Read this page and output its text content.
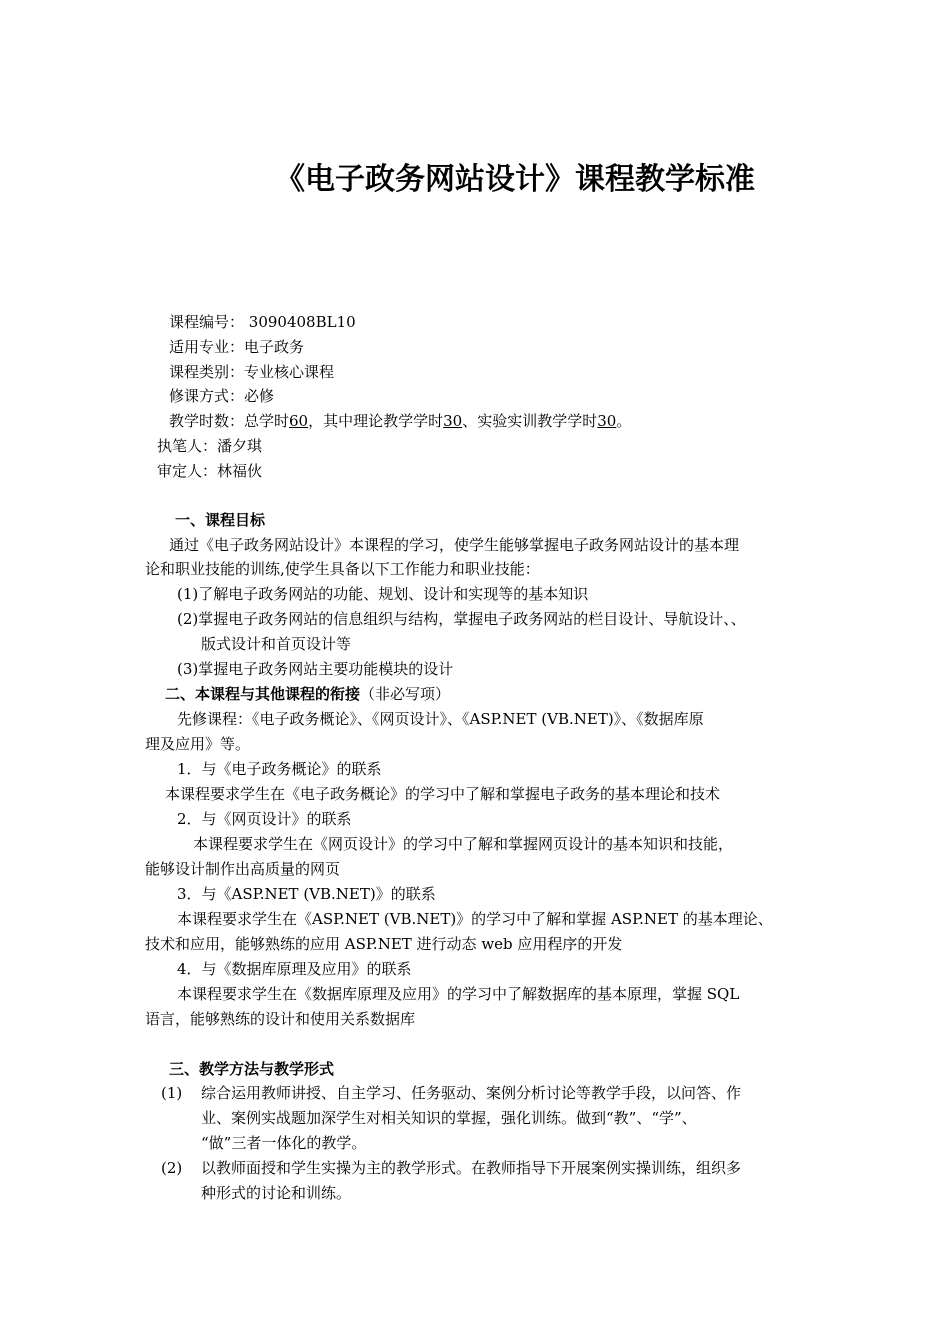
《电子政务网站设计》课程教学标准
课程编号： 3090408BL10
适用专业：电子政务
课程类别：专业核心课程
修课方式：必修
教学时数：总学时60，其中理论教学学时30、实验实训教学学时30。
执笔人：潘夕琪
审定人：林福伙
一、课程目标
通过《电子政务网站设计》本课程的学习，使学生能够掌握电子政务网站设计的基本理
论和职业技能的训练,使学生具备以下工作能力和职业技能：
(1)了解电子政务网站的功能、规划、设计和实现等的基本知识
(2)掌握电子政务网站的信息组织与结构，掌握电子政务网站的栏目设计、导航设计、、
版式设计和首页设计等
(3)掌握电子政务网站主要功能模块的设计
二、本课程与其他课程的衔接（非必写项）
先修课程：《电子政务概论》、《网页设计》、《ASP.NET (VB.NET)》、《数据库原
理及应用》等。
1．与《电子政务概论》的联系
本课程要求学生在《电子政务概论》的学习中了解和掌握电子政务的基本理论和技术
2．与《网页设计》的联系
本课程要求学生在《网页设计》的学习中了解和掌握网页设计的基本知识和技能，
能够设计制作出高质量的网页
3．与《ASP.NET (VB.NET)》的联系
本课程要求学生在《ASP.NET (VB.NET)》的学习中了解和掌握 ASP.NET 的基本理论、
技术和应用，能够熟练的应用 ASP.NET 进行动态 web 应用程序的开发
4．与《数据库原理及应用》的联系
本课程要求学生在《数据库原理及应用》的学习中了解数据库的基本原理，掌握 SQL
语言，能够熟练的设计和使用关系数据库
三、教学方法与教学形式
(1) 综合运用教师讲授、自主学习、任务驱动、案例分析讨论等教学手段，以问答、作
业、案例实战题加深学生对相关知识的掌握，强化训练。做到“教”、“学”、
“做”三者一体化的教学。
(2) 以教师面授和学生实操为主的教学形式。在教师指导下开展案例实操训练，组织多
种形式的讨论和训练。
